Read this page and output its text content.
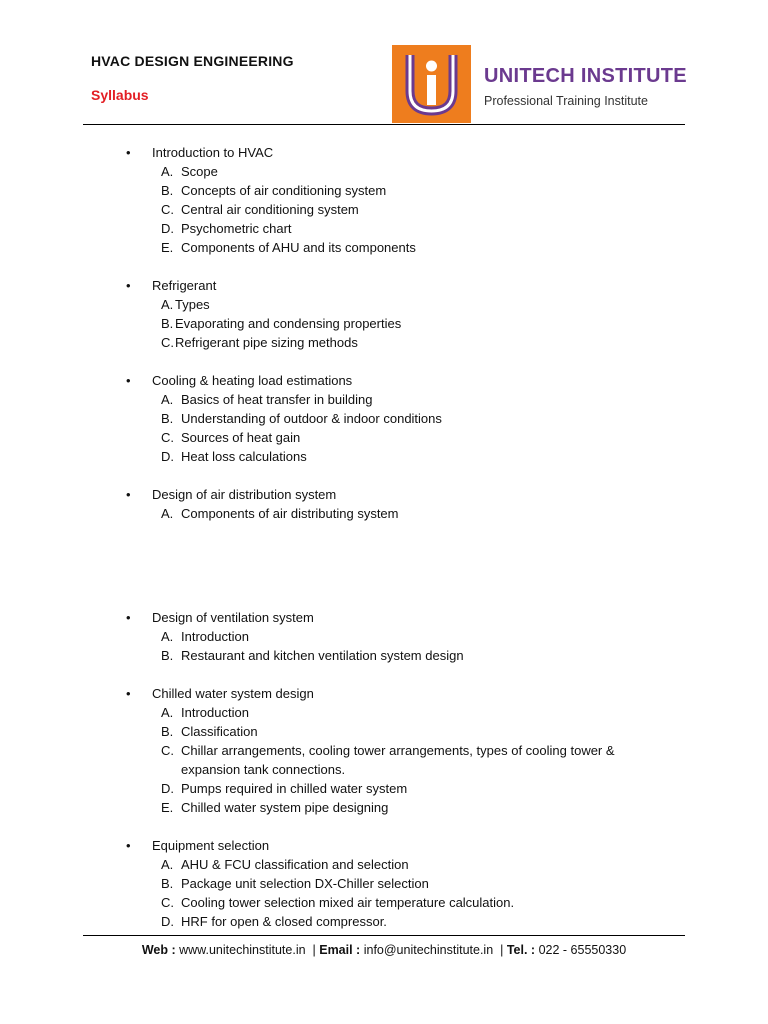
HVAC DESIGN ENGINEERING
Syllabus
UNITECH INSTITUTE
Professional Training Institute
• Introduction to HVAC
A. Scope
B. Concepts of air conditioning system
C. Central air conditioning system
D. Psychometric chart
E. Components of AHU and its components
• Refrigerant
A. Types
B. Evaporating and condensing properties
C. Refrigerant pipe sizing methods
• Cooling & heating load estimations
A. Basics of heat transfer in building
B. Understanding of outdoor & indoor conditions
C. Sources of heat gain
D. Heat loss calculations
• Design of air distribution system
A. Components of air distributing system
• Design of ventilation system
A. Introduction
B. Restaurant and kitchen ventilation system design
• Chilled water system design
A. Introduction
B. Classification
C. Chillar arrangements, cooling tower arrangements, types of cooling tower & expansion tank connections.
D. Pumps required in chilled water system
E. Chilled water system pipe designing
• Equipment selection
A. AHU & FCU classification and selection
B. Package unit selection DX-Chiller selection
C. Cooling tower selection mixed air temperature calculation.
D. HRF for open & closed compressor.
Web : www.unitechinstitute.in | Email : info@unitechinstitute.in | Tel. : 022 - 65550330
